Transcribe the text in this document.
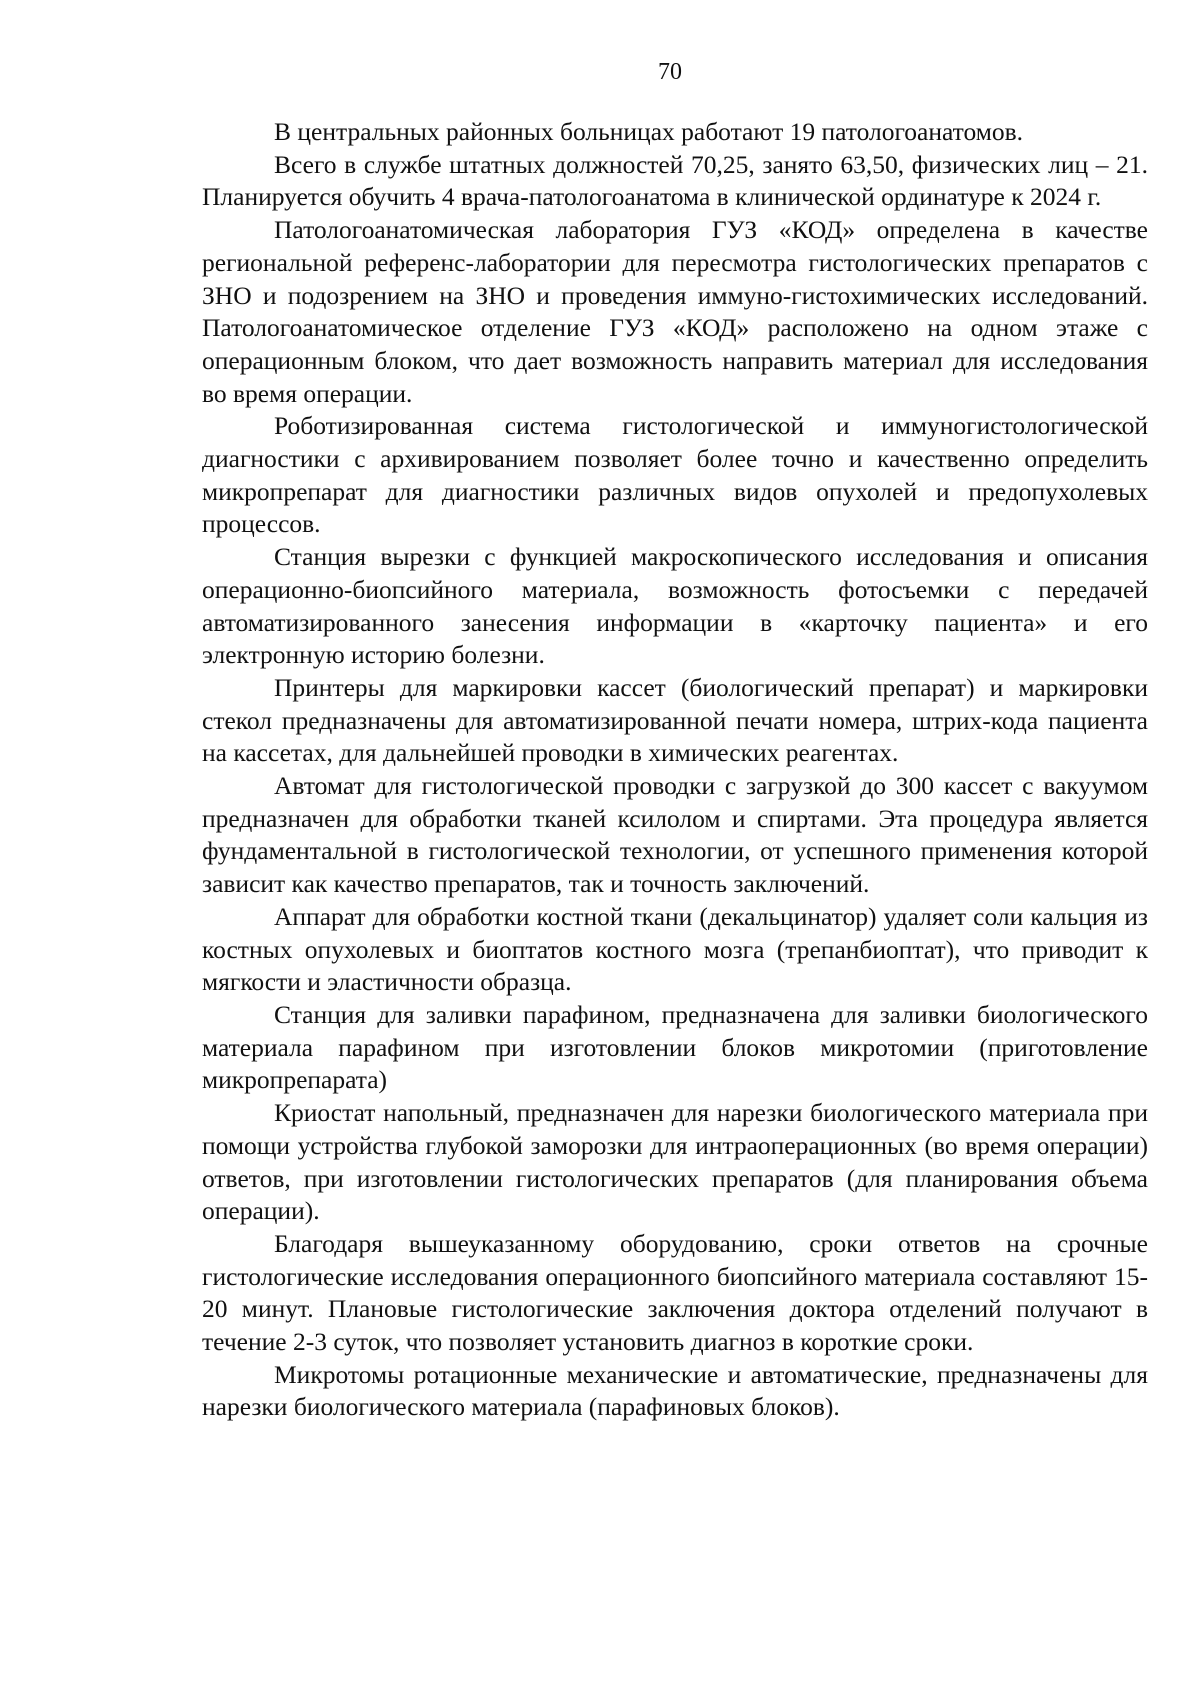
70

В центральных районных больницах работают 19 патологоанатомов.

Всего в службе штатных должностей 70,25, занято 63,50, физических лиц – 21. Планируется обучить 4 врача-патологоанатома в клинической ординатуре к 2024 г.

Патологоанатомическая лаборатория ГУЗ «КОД» определена в качестве региональной референс-лаборатории для пересмотра гистологических препаратов с ЗНО и подозрением на ЗНО и проведения иммуно-гистохимических исследований. Патологоанатомическое отделение ГУЗ «КОД» расположено на одном этаже с операционным блоком, что дает возможность направить материал для исследования во время операции.

Роботизированная система гистологической и иммуногистологической диагностики с архивированием позволяет более точно и качественно определить микропрепарат для диагностики различных видов опухолей и предопухолевых процессов.

Станция вырезки с функцией макроскопического исследования и описания операционно-биопсийного материала, возможность фотосъемки с передачей автоматизированного занесения информации в «карточку пациента» и его электронную историю болезни.

Принтеры для маркировки кассет (биологический препарат) и маркировки стекол предназначены для автоматизированной печати номера, штрих-кода пациента на кассетах, для дальнейшей проводки в химических реагентах.

Автомат для гистологической проводки с загрузкой до 300 кассет с вакуумом предназначен для обработки тканей ксилолом и спиртами. Эта процедура является фундаментальной в гистологической технологии, от успешного применения которой зависит как качество препаратов, так и точность заключений.

Аппарат для обработки костной ткани (декальцинатор) удаляет соли кальция из костных опухолевых и биоптатов костного мозга (трепанбиоптат), что приводит к мягкости и эластичности образца.

Станция для заливки парафином, предназначена для заливки биологического материала парафином при изготовлении блоков микротомии (приготовление микропрепарата)

Криостат напольный, предназначен для нарезки биологического материала при помощи устройства глубокой заморозки для интраоперационных (во время операции) ответов, при изготовлении гистологических препаратов (для планирования объема операции).

Благодаря вышеуказанному оборудованию, сроки ответов на срочные гистологические исследования операционного биопсийного материала составляют 15-20 минут. Плановые гистологические заключения доктора отделений получают в течение 2-3 суток, что позволяет установить диагноз в короткие сроки.

Микротомы ротационные механические и автоматические, предназначены для нарезки биологического материала (парафиновых блоков).
